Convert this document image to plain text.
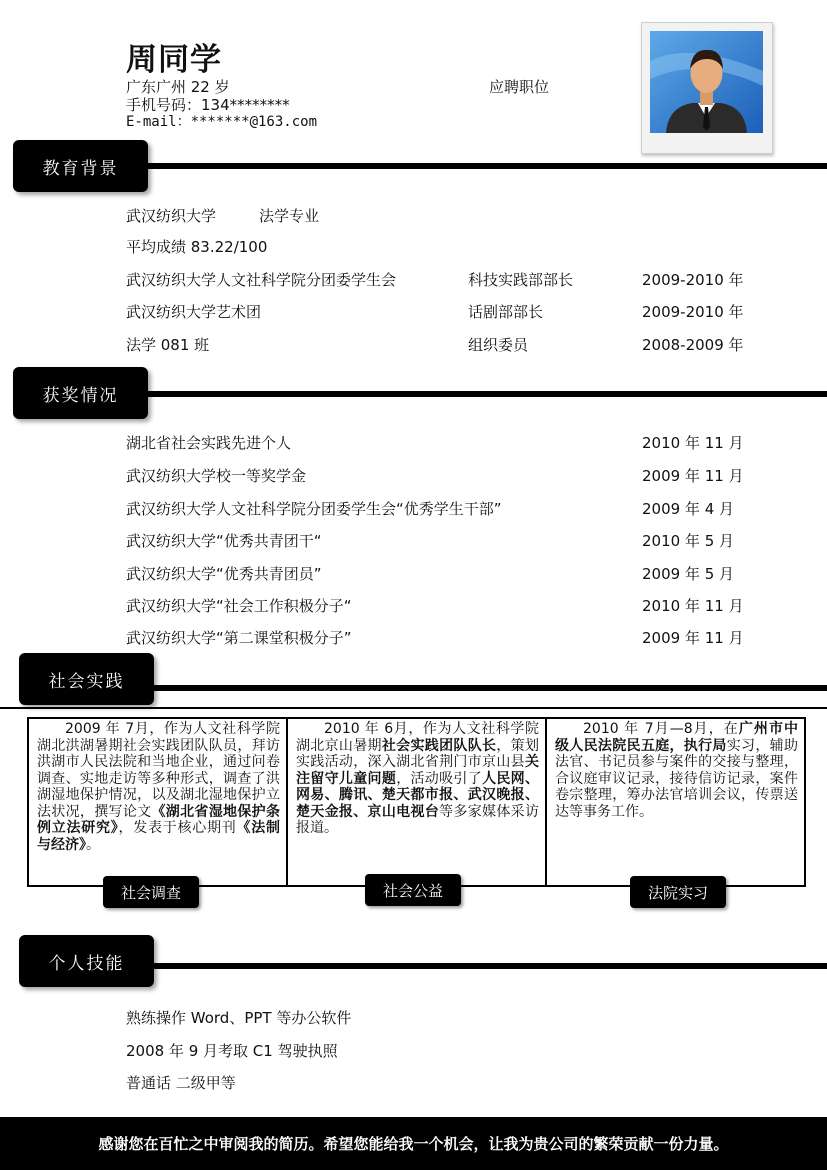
周同学
广东广州 22 岁	应聘职位
手机号码：134********
E-mail：*******@163.com
教育背景
武汉纺织大学	法学专业
平均成绩 83.22/100
武汉纺织大学人文社科学院分团委学生会	科技实践部部长	2009-2010 年
武汉纺织大学艺术团	话剧部部长	2009-2010 年
法学 081 班	组织委员	2008-2009 年
获奖情况
湖北省社会实践先进个人	2010 年 11 月
武汉纺织大学校一等奖学金	2009 年 11 月
武汉纺织大学人文社科学院分团委学生会“优秀学生干部”	2009 年 4 月
武汉纺织大学“优秀共青团干“	2010 年 5 月
武汉纺织大学“优秀共青团员”	2009 年 5 月
武汉纺织大学“社会工作积极分子“	2010 年 11 月
武汉纺织大学“第二课堂积极分子”	2009 年 11 月
社会实践
2009 年 7月，作为人文社科学院湖北洪湖暑期社会实践团队队员，拜访洪湖市人民法院和当地企业，通过问卷调查、实地走访等多种形式，调查了洪湖湿地保护情况，以及湖北湿地保护立法状况，撰写论文《湖北省湿地保护条例立法研究》，发表于核心期刊《法制与经济》。
2010 年 6月，作为人文社科学院湖北京山暑期社会实践团队队长，策划实践活动，深入湖北省荆门市京山县关注留守儿童问题，活动吸引了人民网、网易、腾讯、楚天都市报、武汉晚报、楚天金报、京山电视台等多家媒体采访报道。
2010 年 7月—8月，在广州市中级人民法院民五庭，执行局实习，辅助法官、书记员参与案件的交接与整理，合议庭审议记录，接待信访记录，案件卷宗整理，筹办法官培训会议，传票送达等事务工作。
社会调查	社会公益	法院实习
个人技能
熟练操作 Word、PPT 等办公软件
2008 年 9 月考取 C1 驾驶执照
普通话 二级甲等
感谢您在百忙之中审阅我的简历。希望您能给我一个机会，让我为贵公司的繁荣贡献一份力量。
